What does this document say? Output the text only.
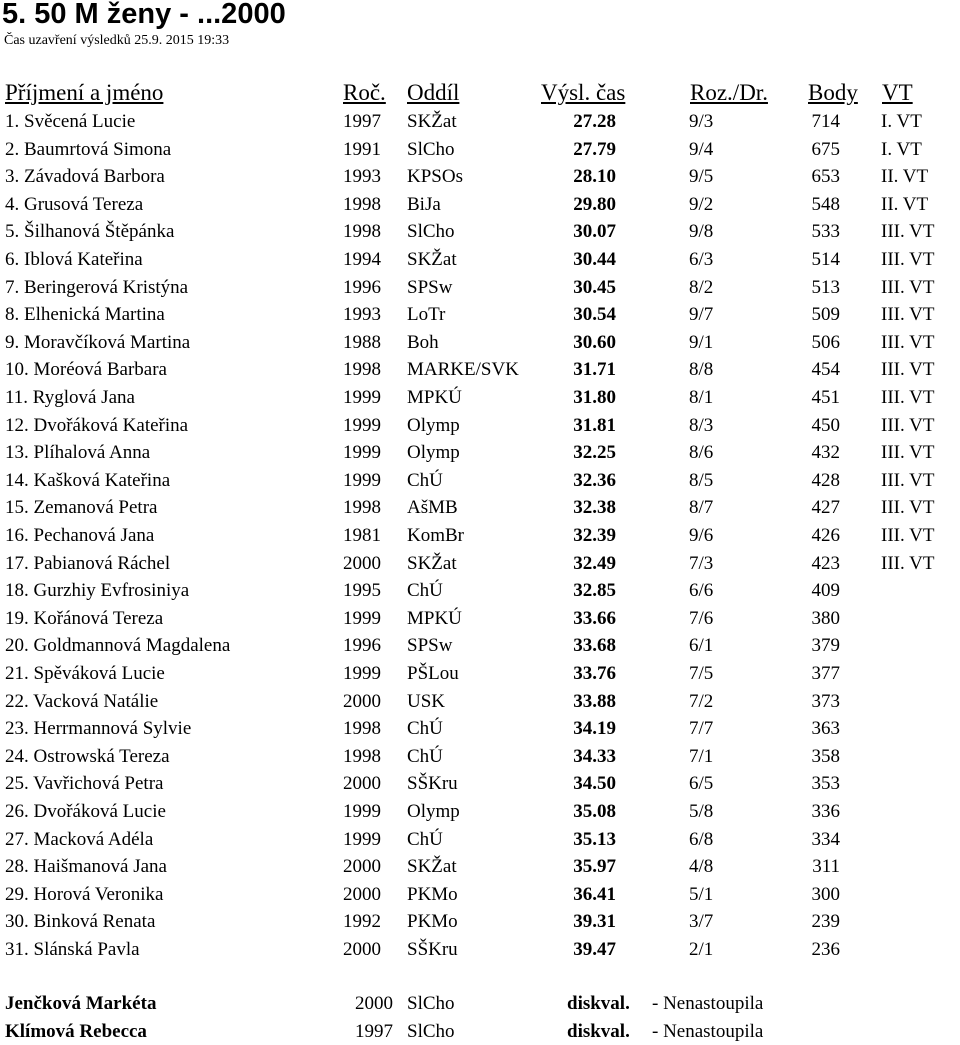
5. 50 M ženy - ...2000
Čas uzavření výsledků 25.9. 2015 19:33
Příjmení a jméno	Roč. Oddíl	Výsl. čas	Roz./Dr. Body VT
1. Svěcená Lucie	1997 SKŽat	27.28	9/3	714 I. VT
2. Baumrtová Simona	1991 SlCho	27.79	9/4	675 I. VT
3. Závadová Barbora	1993 KPSOs	28.10	9/5	653 II. VT
4. Grusová Tereza	1998 BiJa	29.80	9/2	548 II. VT
5. Šilhanová Štěpánka	1998 SlCho	30.07	9/8	533 III. VT
6. Iblová Kateřina	1994 SKŽat	30.44	6/3	514 III. VT
7. Beringerová Kristýna	1996 SPSw	30.45	8/2	513 III. VT
8. Elhenická Martina	1993 LoTr	30.54	9/7	509 III. VT
9. Moravčíková Martina	1988 Boh	30.60	9/1	506 III. VT
10. Moréová Barbara	1998 MARKE/SVK	31.71	8/8	454 III. VT
11. Ryglová Jana	1999 MPKÚ	31.80	8/1	451 III. VT
12. Dvořáková Kateřina	1999 Olymp	31.81	8/3	450 III. VT
13. Plíhalová Anna	1999 Olymp	32.25	8/6	432 III. VT
14. Kašková Kateřina	1999 ChÚ	32.36	8/5	428 III. VT
15. Zemanová Petra	1998 AšMB	32.38	8/7	427 III. VT
16. Pechanová Jana	1981 KomBr	32.39	9/6	426 III. VT
17. Pabianová Ráchel	2000 SKŽat	32.49	7/3	423 III. VT
18. Gurzhiy Evfrosiniya	1995 ChÚ	32.85	6/6	409
19. Kořánová Tereza	1999 MPKÚ	33.66	7/6	380
20. Goldmannová Magdalena	1996 SPSw	33.68	6/1	379
21. Spěváková Lucie	1999 PŠLou	33.76	7/5	377
22. Vacková Natálie	2000 USK	33.88	7/2	373
23. Herrmannová Sylvie	1998 ChÚ	34.19	7/7	363
24. Ostrowská Tereza	1998 ChÚ	34.33	7/1	358
25. Vavřichová Petra	2000 SŠKru	34.50	6/5	353
26. Dvořáková Lucie	1999 Olymp	35.08	5/8	336
27. Macková Adéla	1999 ChÚ	35.13	6/8	334
28. Haišmanová Jana	2000 SKŽat	35.97	4/8	311
29. Horová Veronika	2000 PKMo	36.41	5/1	300
30. Binková Renata	1992 PKMo	39.31	3/7	239
31. Slánská Pavla	2000 SŠKru	39.47	2/1	236
Jenčková Markéta	2000 SlCho	diskval. - Nenastoupila
Klímová Rebecca	1997 SlCho	diskval. - Nenastoupila
